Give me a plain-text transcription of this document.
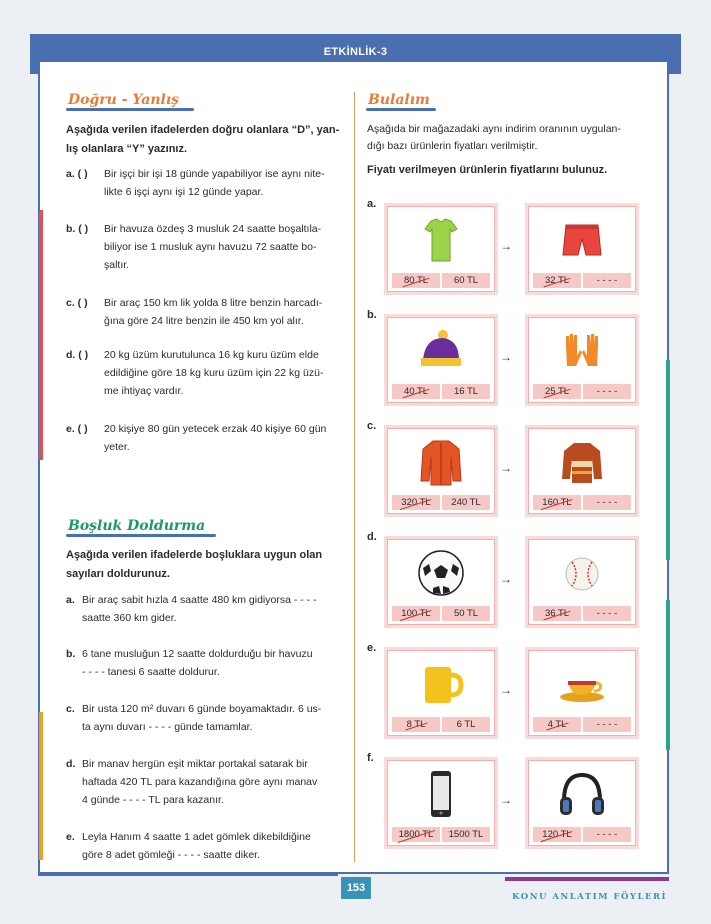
ETKİNLİK-3
Doğru - Yanlış
Aşağıda verilen ifadelerden doğru olanlara “D”, yan-
lış olanlara “Y” yazınız.
a. ( ) Bir işçi bir işi 18 günde yapabiliyor ise aynı nite-
likte 6 işçi aynı işi 12 günde yapar.
b. ( ) Bir havuza özdeş 3 musluk 24 saatte boşaltıla-
biliyor ise 1 musluk aynı havuzu 72 saatte bo-
şaltır.
c. ( ) Bir araç 150 km lik yolda 8 litre benzin harcadı-
ğına göre 24 litre benzin ile 450 km yol alır.
d. ( ) 20 kg üzüm kurutulunca 16 kg kuru üzüm elde
edildiğine göre 18 kg kuru üzüm için 22 kg üzü-
me ihtiyaç vardır.
e. ( ) 20 kişiye 80 gün yetecek erzak 40 kişiye 60 gün
yeter.
Boşluk Doldurma
Aşağıda verilen ifadelerde boşluklara uygun olan
sayıları doldurunuz.
a. Bir araç sabit hızla 4 saatte 480 km gidiyorsa - - - -
saatte 360 km gider.
b. 6 tane musluğun 12 saatte doldurduğu bir havuzu
- - - - tanesi 6 saatte doldurur.
c. Bir usta 120 m² duvarı 6 günde boyamaktadır. 6 us-
ta aynı duvarı - - - - günde tamamlar.
d. Bir manav hergün eşit miktar portakal satarak bir
haftada 420 TL para kazandığına göre aynı manav
4 günde - - - - TL para kazanır.
e. Leyla Hanım 4 saatte 1 adet gömlek dikebildiğine
göre 8 adet gömleği - - - - saatte diker.
Bulalım
Aşağıda bir mağazadaki aynı indirim oranının uygulan-
dığı bazı ürünlerin fiyatları verilmiştir.
Fiyatı verilmeyen ürünlerin fiyatlarını bulunuz.
a.
80 TL	60 TL	32 TL	- - - -
→
b.
40 TL	16 TL	25 TL	- - - -
→
c.
320 TL	240 TL	160 TL	- - - -
→
d.
100 TL	50 TL	36 TL	- - - -
→
e.
8 TL	6 TL	4 TL	- - - -
→
f.
1800 TL	1500 TL	120 TL	- - - -
→
153
KONU ANLATIM FÖYLERİ
